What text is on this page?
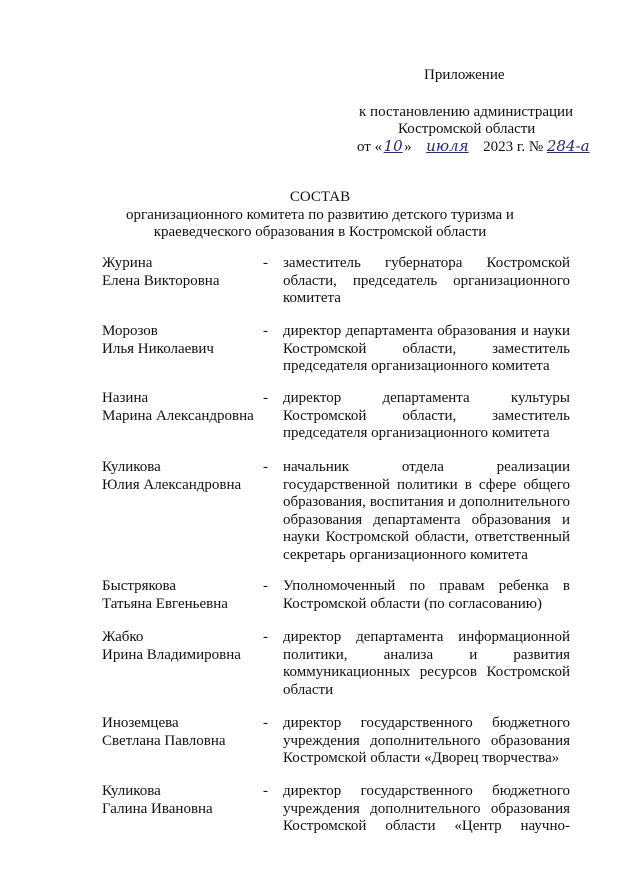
Приложение
к постановлению администрации
Костромской области
от «10» июля 2023 г. № 284-а
СОСТАВ
организационного комитета по развитию детского туризма и
краеведческого образования в Костромской области
Журина
Елена Викторовна
- заместитель губернатора Костромской области, председатель организационного комитета
Морозов
Илья Николаевич
- директор департамента образования и науки Костромской области, заместитель председателя организационного комитета
Назина
Марина Александровна
- директор департамента культуры Костромской области, заместитель председателя организационного комитета
Куликова
Юлия Александровна
- начальник отдела реализации государственной политики в сфере общего образования, воспитания и дополнительного образования департамента образования и науки Костромской области, ответственный секретарь организационного комитета
Быстрякова
Татьяна Евгеньевна
- Уполномоченный по правам ребенка в Костромской области (по согласованию)
Жабко
Ирина Владимировна
- директор департамента информационной политики, анализа и развития коммуникационных ресурсов Костромской области
Иноземцева
Светлана Павловна
- директор государственного бюджетного учреждения дополнительного образования Костромской области «Дворец творчества»
Куликова
Галина Ивановна
- директор государственного бюджетного учреждения дополнительного образования Костромской области «Центр научно-
